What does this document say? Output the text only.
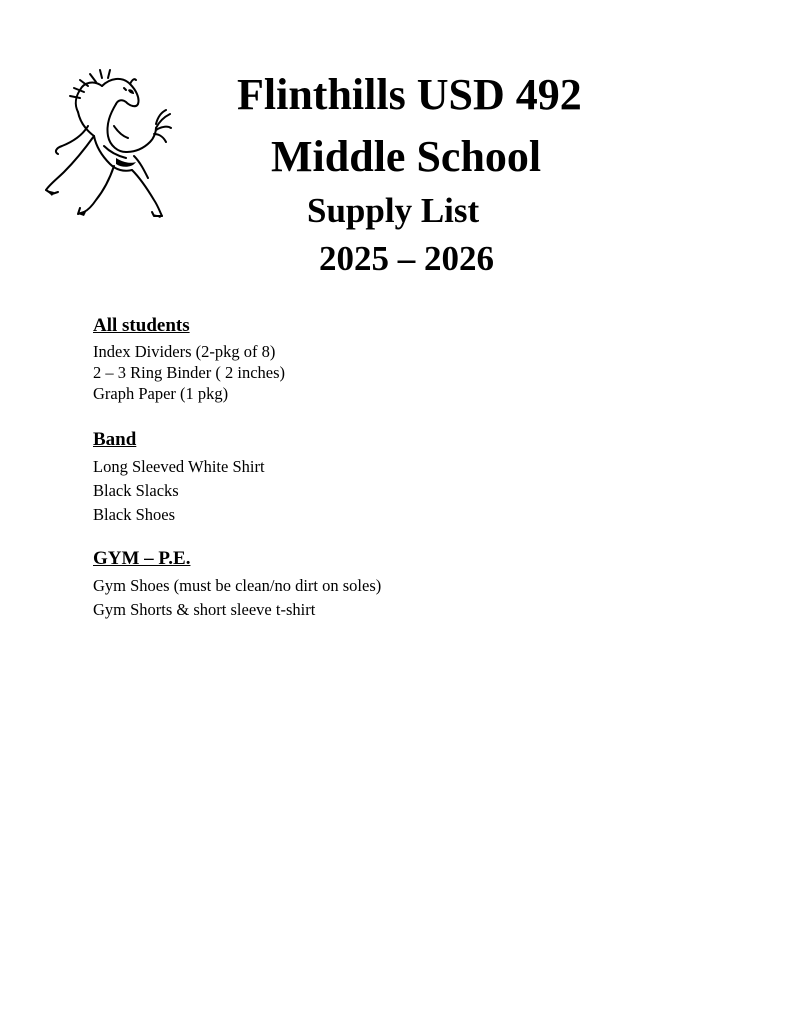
Flinthills USD 492
Middle School
Supply List
2025 – 2026

All students

Index Dividers (2-pkg of 8)

2 – 3 Ring Binder ( 2 inches)

Graph Paper (1 pkg)

Band

Long Sleeved White Shirt

Black Slacks

Black Shoes

GYM – P.E.

Gym Shoes (must be clean/no dirt on soles)

Gym Shorts & short sleeve t-shirt
